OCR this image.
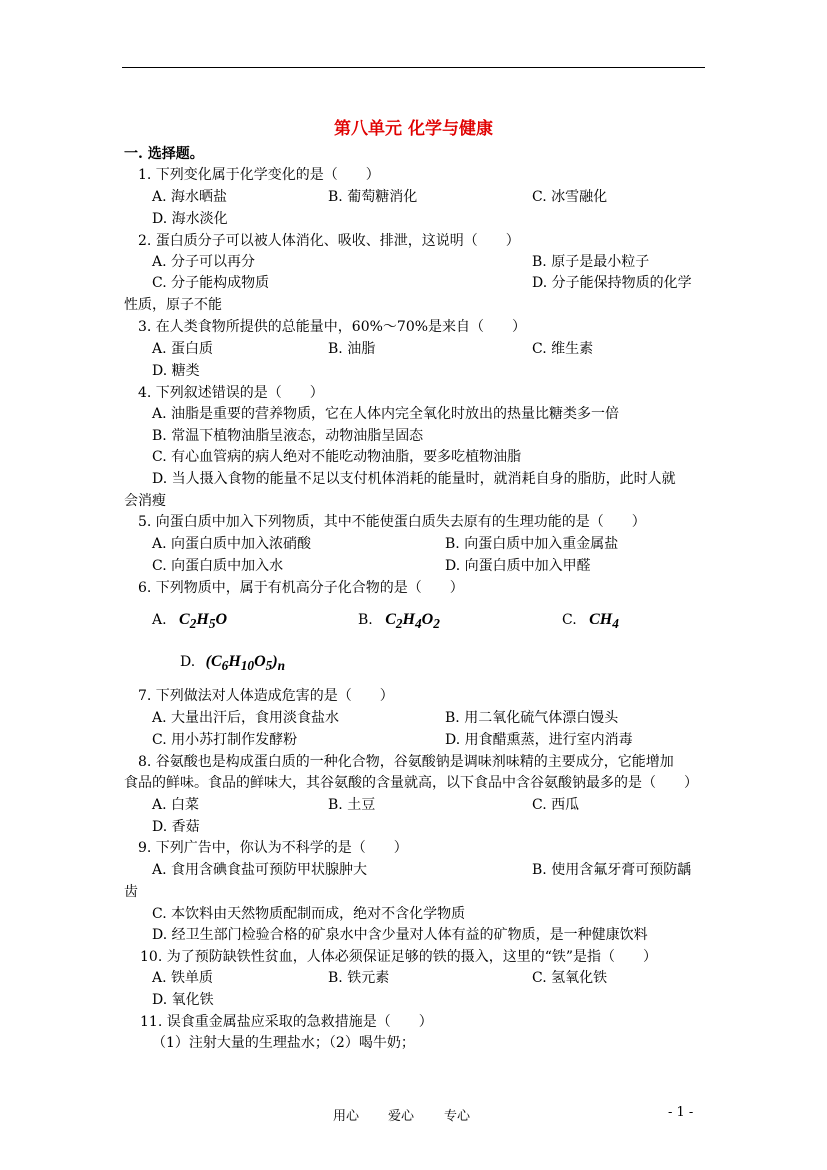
第八单元 化学与健康
一. 选择题。
1. 下列变化属于化学变化的是（　　）
A. 海水晒盐	B. 葡萄糖消化	C. 冰雪融化
D. 海水淡化
2. 蛋白质分子可以被人体消化、吸收、排泄，这说明（　　）
A. 分子可以再分	B. 原子是最小粒子
C. 分子能构成物质	D. 分子能保持物质的化学
性质，原子不能
3. 在人类食物所提供的总能量中，60%～70%是来自（　　）
A. 蛋白质	B. 油脂	C. 维生素
D. 糖类
4. 下列叙述错误的是（　　）
A. 油脂是重要的营养物质，它在人体内完全氧化时放出的热量比糖类多一倍
B. 常温下植物油脂呈液态，动物油脂呈固态
C. 有心血管病的病人绝对不能吃动物油脂，要多吃植物油脂
D. 当人摄入食物的能量不足以支付机体消耗的能量时，就消耗自身的脂肪，此时人就
会消瘦
5. 向蛋白质中加入下列物质，其中不能使蛋白质失去原有的生理功能的是（　　）
A. 向蛋白质中加入浓硝酸	B. 向蛋白质中加入重金属盐
C. 向蛋白质中加入水	D. 向蛋白质中加入甲醛
6. 下列物质中，属于有机高分子化合物的是（　　）
A. $C_2H_5O$	B. $C_2H_4O_2$	C. $CH_4$
D. $(C_6H_{10}O_5)_n$
7. 下列做法对人体造成危害的是（　　）
A. 大量出汗后，食用淡食盐水	B. 用二氧化硫气体漂白馒头
C. 用小苏打制作发酵粉	D. 用食醋熏蒸，进行室内消毒
8. 谷氨酸也是构成蛋白质的一种化合物，谷氨酸钠是调味剂味精的主要成分，它能增加
食品的鲜味。食品的鲜味大，其谷氨酸的含量就高，以下食品中含谷氨酸钠最多的是（　　）
A. 白菜	B. 土豆	C. 西瓜
D. 香菇
9. 下列广告中，你认为不科学的是（　　）
A. 食用含碘食盐可预防甲状腺肿大	B. 使用含氟牙膏可预防龋
齿
C. 本饮料由天然物质配制而成，绝对不含化学物质
D. 经卫生部门检验合格的矿泉水中含少量对人体有益的矿物质，是一种健康饮料
10. 为了预防缺铁性贫血，人体必须保证足够的铁的摄入，这里的“铁”是指（　　）
A. 铁单质	B. 铁元素	C. 氢氧化铁
D. 氧化铁
11. 误食重金属盐应采取的急救措施是（　　）
（1）注射大量的生理盐水；（2）喝牛奶；
用心 爱心 专心	- 1 -
